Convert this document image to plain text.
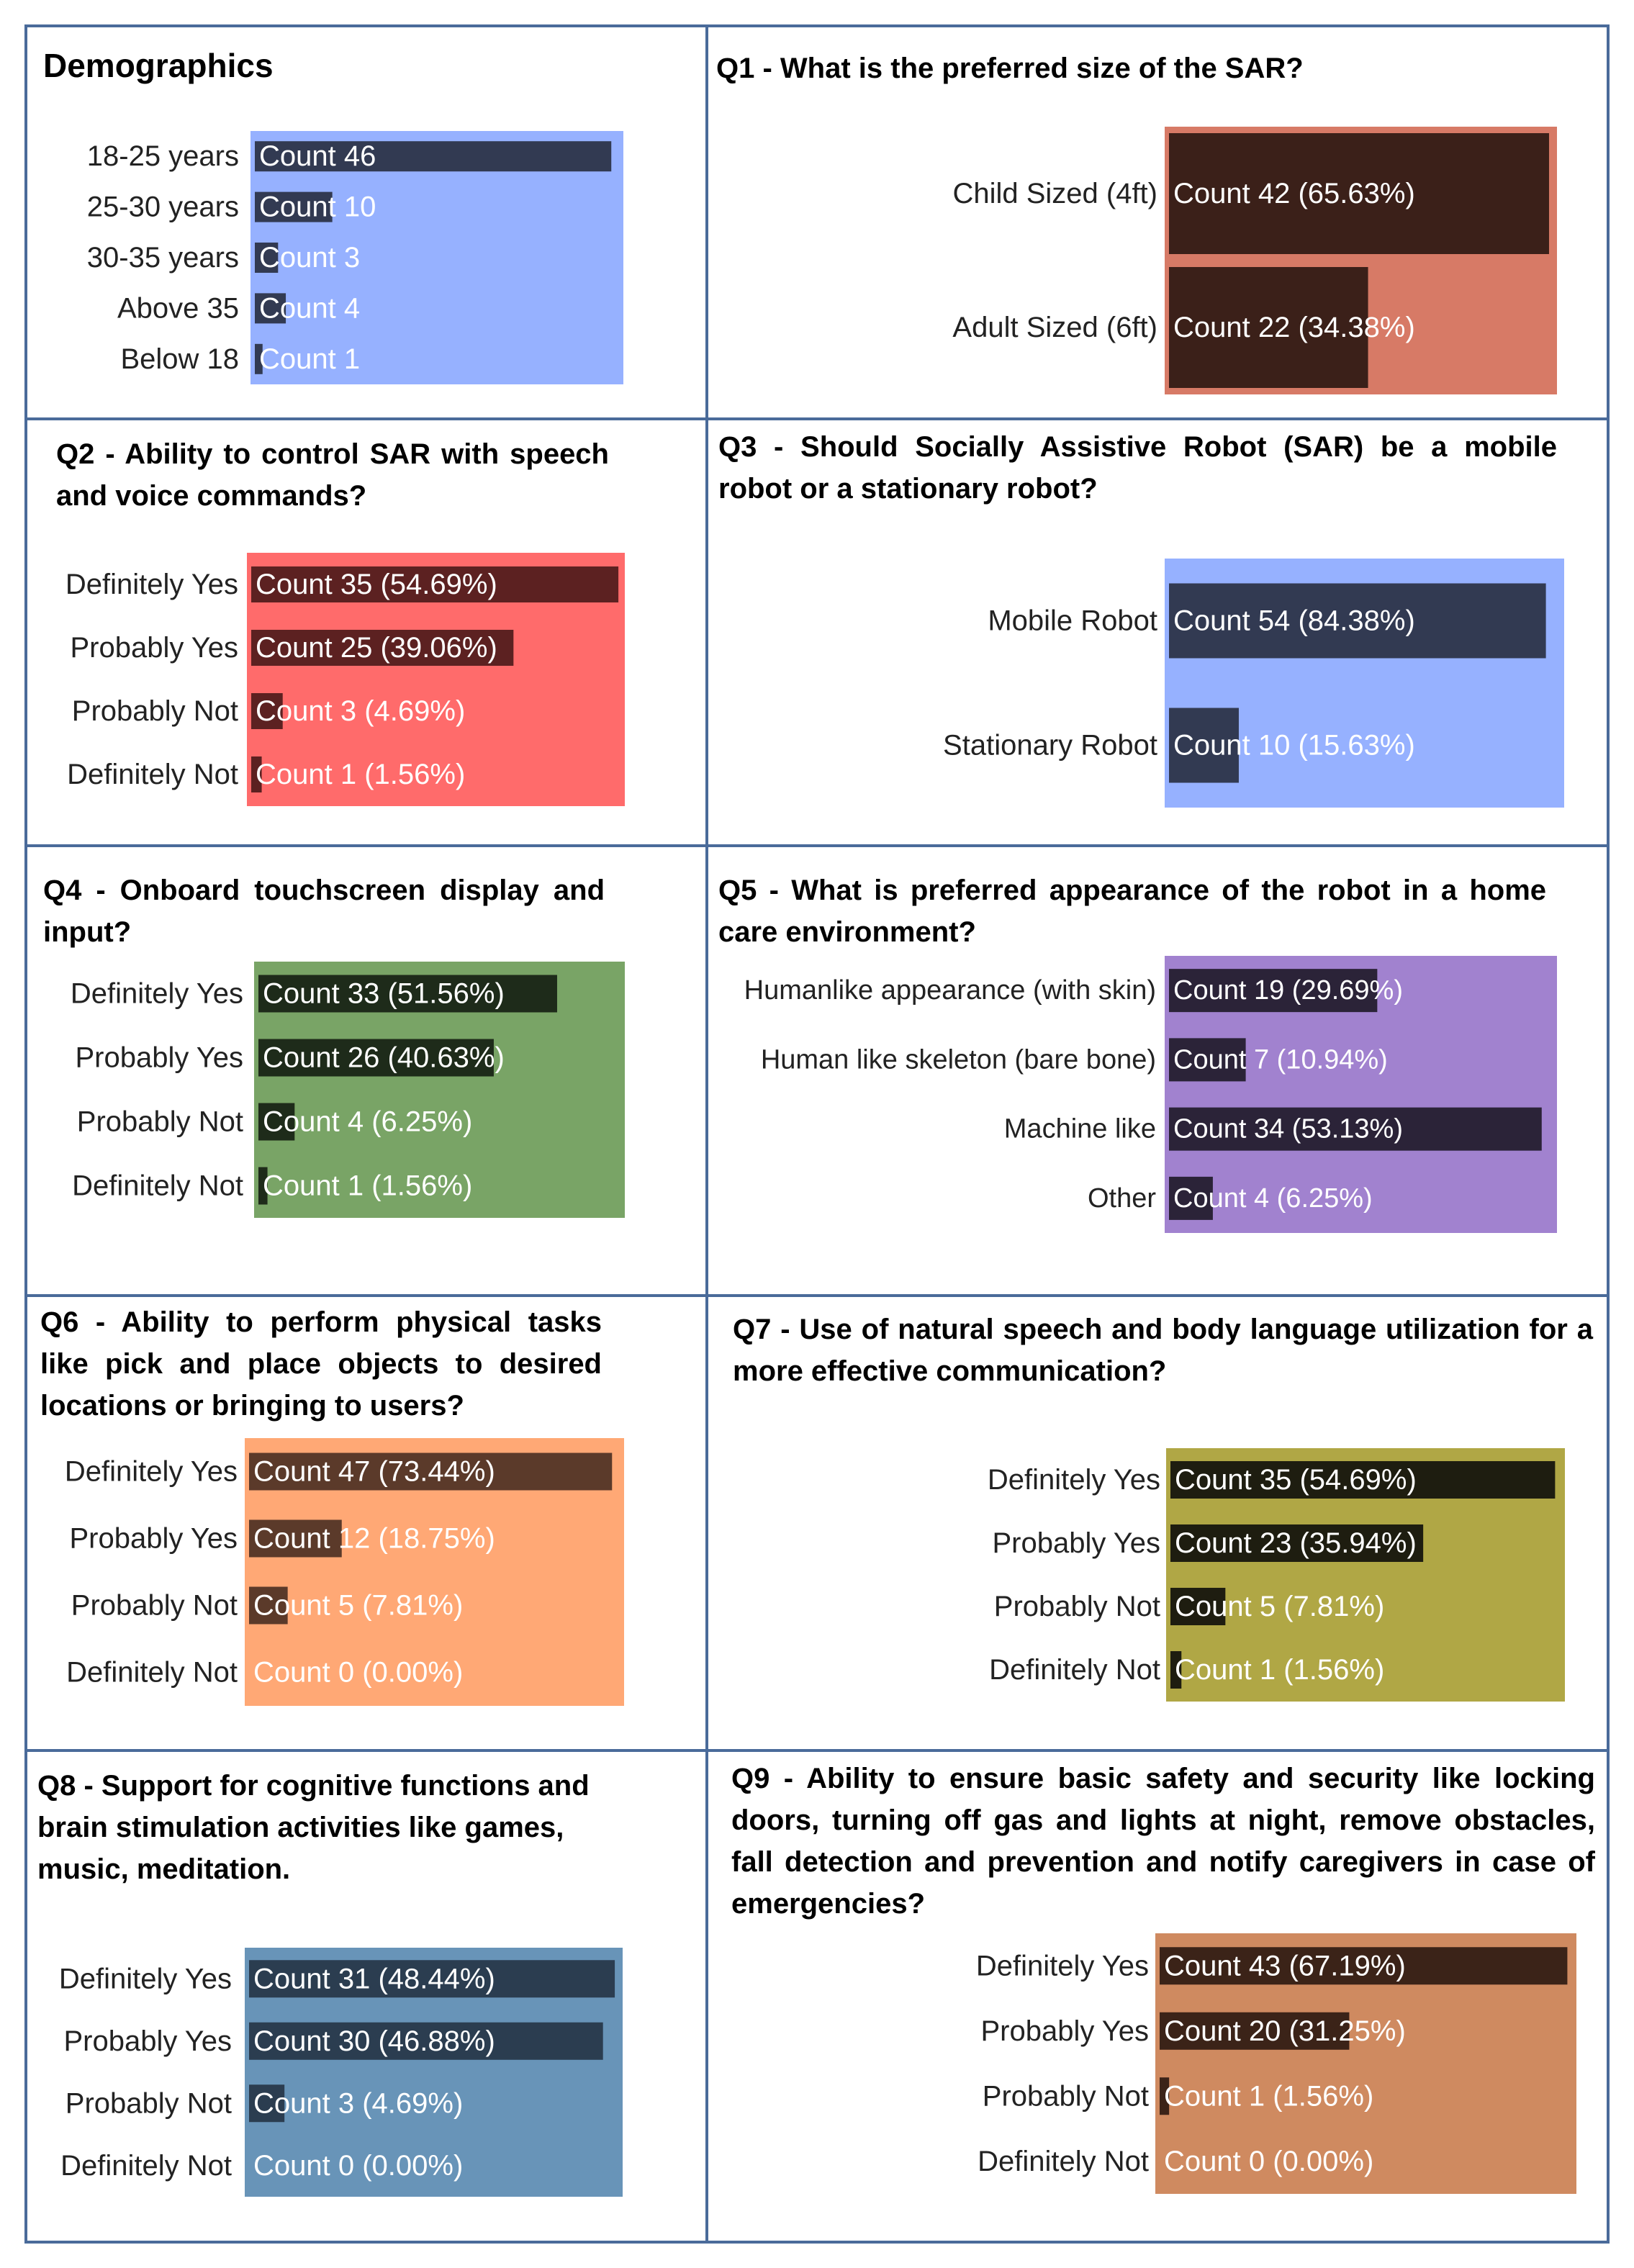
Demographics	Q1 - What is the preferred size of the SAR?
Q2 - Ability to control SAR with speech and voice commands?
Q3 - Should Socially Assistive Robot (SAR) be a mobile robot or a stationary robot?
Q4 - Onboard touchscreen display and input?
Q5 - What is preferred appearance of the robot in a home care environment?
Q6 - Ability to perform physical tasks like pick and place objects to desired locations or bringing to users?
Q7 - Use of natural speech and body language utilization for a more effective communication?
Q8 - Support for cognitive functions and brain stimulation activities like games, music, meditation.
Q9 - Ability to ensure basic safety and security like locking doors, turning off gas and lights at night, remove obstacles, fall detection and prevention and notify caregivers in case of emergencies?
18-25 years Count 46
25-30 years Count 10
30-35 years Count 3
Above 35 Count 4
Below 18 Count 1
Child Sized (4ft) Count 42 (65.63%)
Adult Sized (6ft) Count 22 (34.38%)
Definitely Yes Count 35 (54.69%)
Probably Yes Count 25 (39.06%)
Probably Not Count 3 (4.69%)
Definitely Not Count 1 (1.56%)
Mobile Robot Count 54 (84.38%)
Stationary Robot Count 10 (15.63%)
Definitely Yes Count 33 (51.56%)
Probably Yes Count 26 (40.63%)
Probably Not Count 4 (6.25%)
Definitely Not Count 1 (1.56%)
Humanlike appearance (with skin) Count 19 (29.69%)
Human like skeleton (bare bone) Count 7 (10.94%)
Machine like Count 34 (53.13%)
Other Count 4 (6.25%)
Definitely Yes Count 47 (73.44%)
Probably Yes Count 12 (18.75%)
Probably Not Count 5 (7.81%)
Definitely Not Count 0 (0.00%)
Definitely Yes Count 35 (54.69%)
Probably Yes Count 23 (35.94%)
Probably Not Count 5 (7.81%)
Definitely Not Count 1 (1.56%)
Definitely Yes Count 31 (48.44%)
Probably Yes Count 30 (46.88%)
Probably Not Count 3 (4.69%)
Definitely Not Count 0 (0.00%)
Definitely Yes Count 43 (67.19%)
Probably Yes Count 20 (31.25%)
Probably Not Count 1 (1.56%)
Definitely Not Count 0 (0.00%)
